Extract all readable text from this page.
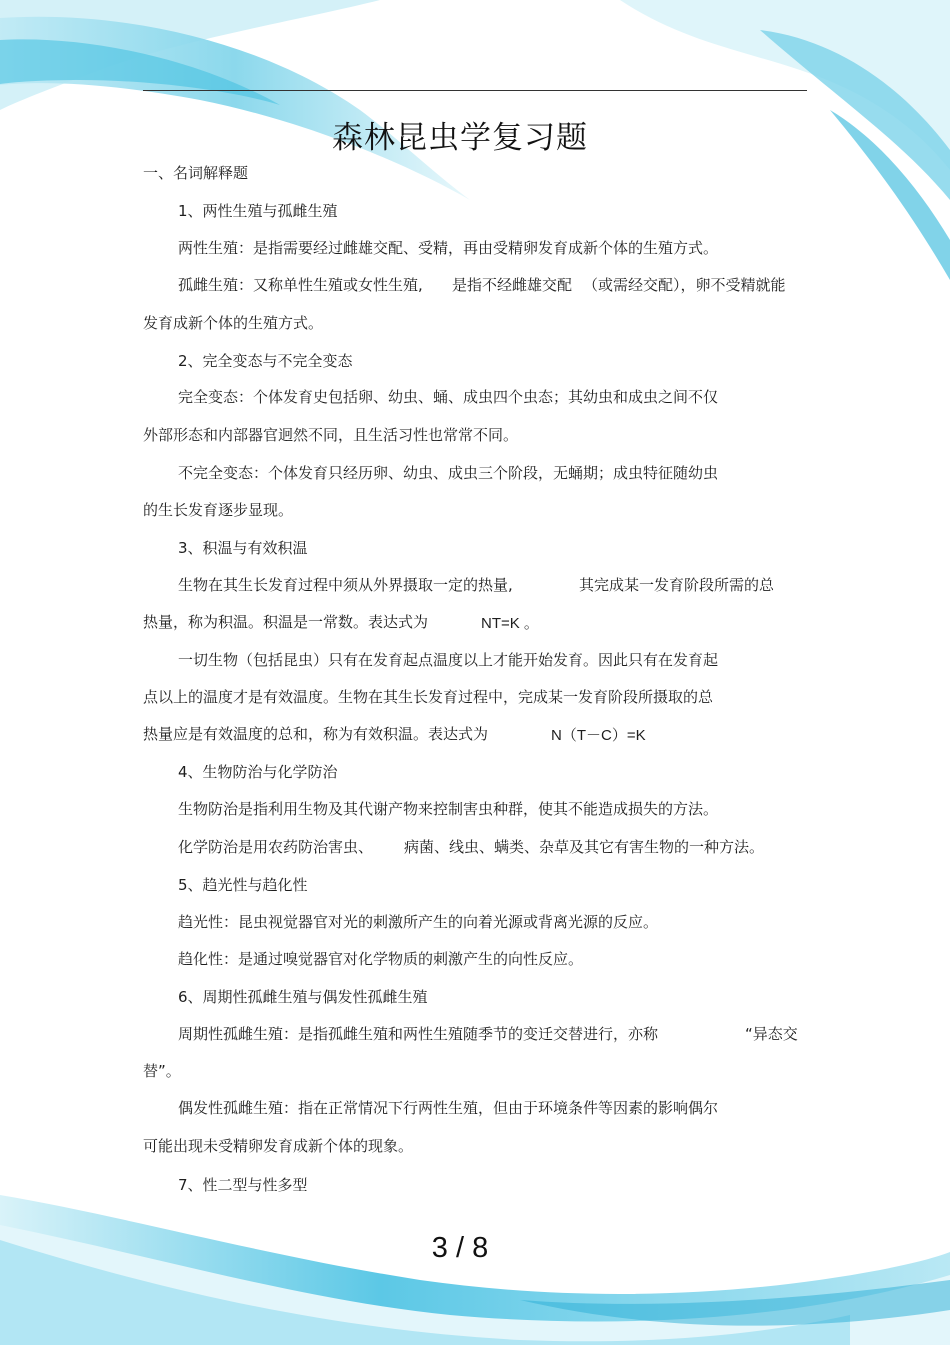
森林昆虫学复习题
一、名词解释题
1、两性生殖与孤雌生殖
两性生殖：是指需要经过雌雄交配、受精，再由受精卵发育成新个体的生殖方式。
孤雌生殖：又称单性生殖或女性生殖, 是指不经雌雄交配 （或需经交配），卵不受精就能
发育成新个体的生殖方式。
2、完全变态与不完全变态
完全变态：个体发育史包括卵、幼虫、蛹、成虫四个虫态；其幼虫和成虫之间不仅
外部形态和内部器官迥然不同，且生活习性也常常不同。
不完全变态：个体发育只经历卵、幼虫、成虫三个阶段，无蛹期；成虫特征随幼虫
的生长发育逐步显现。
3、积温与有效积温
生物在其生长发育过程中须从外界摄取一定的热量,	其完成某一发育阶段所需的总
热量，称为积温。积温是一常数。表达式为	NT=K 。
一切生物（包括昆虫）只有在发育起点温度以上才能开始发育。因此只有在发育起
点以上的温度才是有效温度。生物在其生长发育过程中，完成某一发育阶段所摄取的总
热量应是有效温度的总和，称为有效积温。表达式为	N（T－C）=K
4、生物防治与化学防治
生物防治是指利用生物及其代谢产物来控制害虫种群，使其不能造成损失的方法。
化学防治是用农药防治害虫、 病菌、线虫、螨类、杂草及其它有害生物的一种方法。
5、趋光性与趋化性
趋光性：昆虫视觉器官对光的刺激所产生的向着光源或背离光源的反应。
趋化性：是通过嗅觉器官对化学物质的刺激产生的向性反应。
6、周期性孤雌生殖与偶发性孤雌生殖
周期性孤雌生殖：是指孤雌生殖和两性生殖随季节的变迁交替进行，亦称	“异态交
替”。
偶发性孤雌生殖：指在正常情况下行两性生殖，但由于环境条件等因素的影响偶尔
可能出现未受精卵发育成新个体的现象。
7、性二型与性多型
3 / 8
